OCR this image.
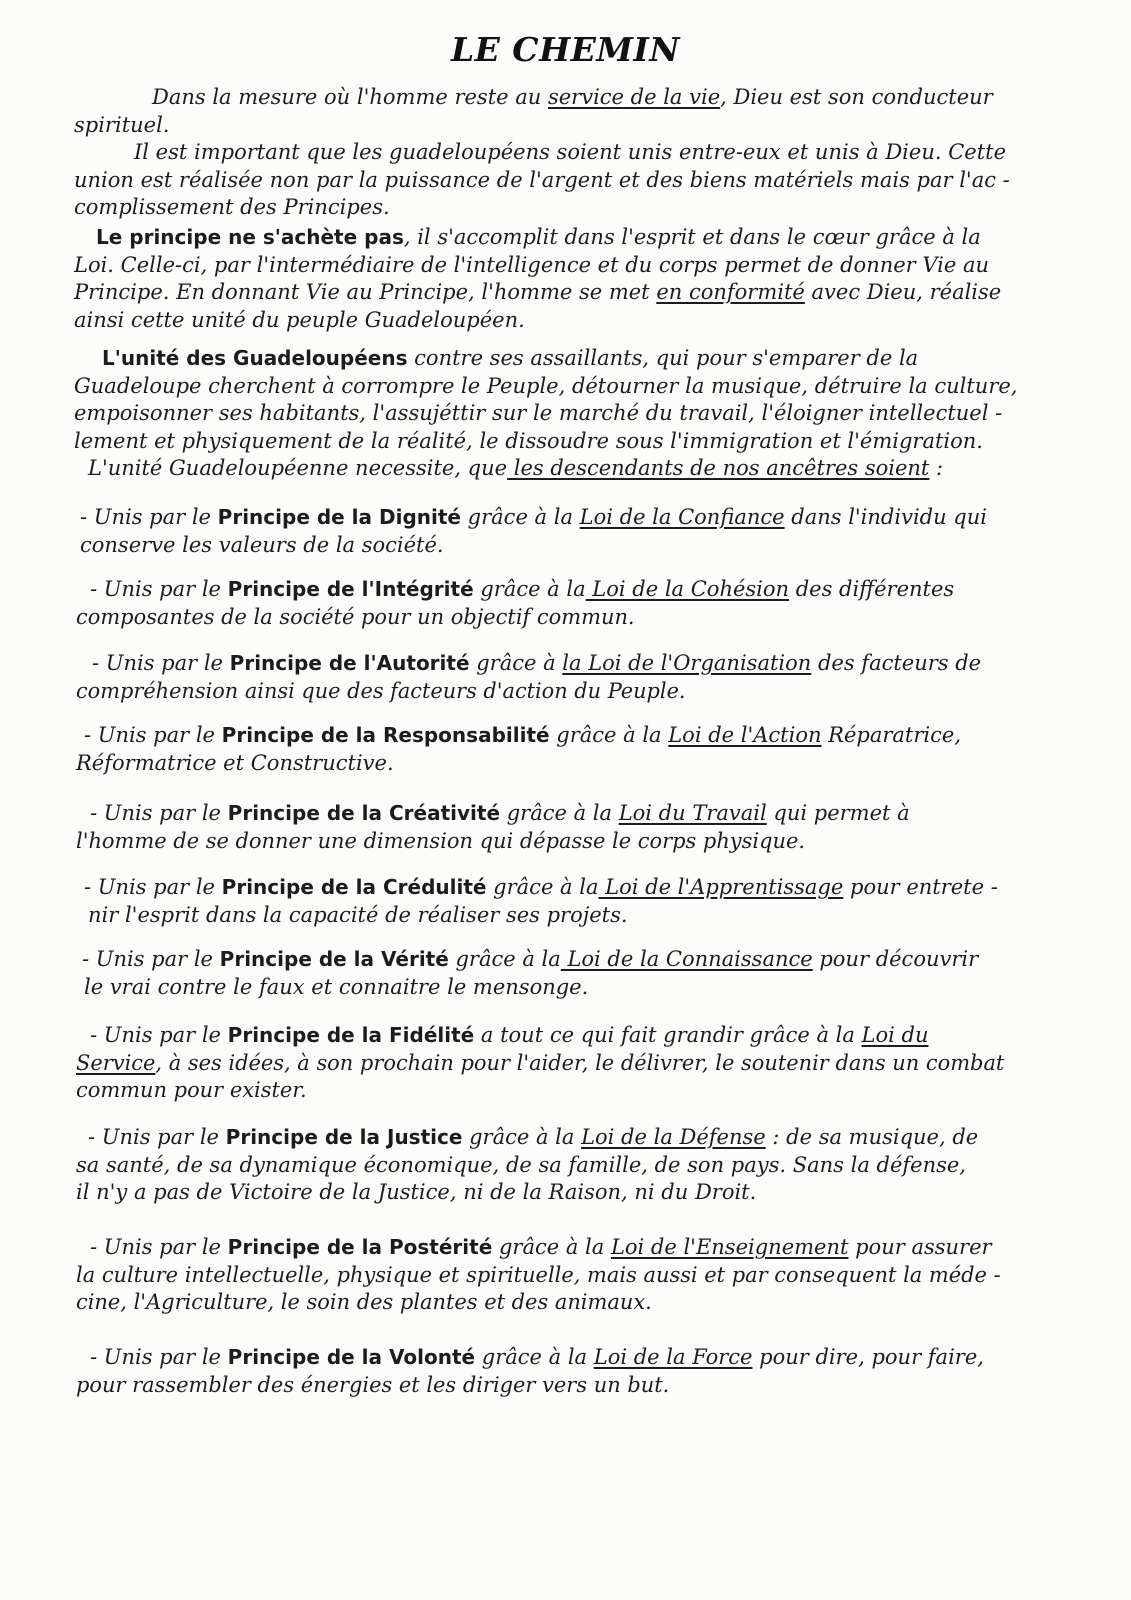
LE CHEMIN
Dans la mesure où l'homme reste au service de la vie, Dieu est son conducteur
spirituel.
Il est important que les guadeloupéens soient unis entre-eux et unis à Dieu. Cette
union est réalisée non par la puissance de l'argent et des biens matériels mais par l'ac -
complissement des Principes.
Le principe ne s'achète pas, il s'accomplit dans l'esprit et dans le cœur grâce à la
Loi. Celle-ci, par l'intermédiaire de l'intelligence et du corps permet de donner Vie au
Principe. En donnant Vie au Principe, l'homme se met en conformité avec Dieu, réalise
ainsi cette unité du peuple Guadeloupéen.
L'unité des Guadeloupéens contre ses assaillants, qui pour s'emparer de la
Guadeloupe cherchent à corrompre le Peuple, détourner la musique, détruire la culture,
empoisonner ses habitants, l'assujéttir sur le marché du travail, l'éloigner intellectuel -
lement et physiquement de la réalité, le dissoudre sous l'immigration et l'émigration.
L'unité Guadeloupéenne necessite, que les descendants de nos ancêtres soient :
- Unis par le Principe de la Dignité grâce à la Loi de la Confiance dans l'individu qui
conserve les valeurs de la société.
- Unis par le Principe de l'Intégrité grâce à la Loi de la Cohésion des différentes
composantes de la société pour un objectif commun.
- Unis par le Principe de l'Autorité grâce à la Loi de l'Organisation des facteurs de
compréhension ainsi que des facteurs d'action du Peuple.
- Unis par le Principe de la Responsabilité grâce à la Loi de l'Action Réparatrice,
Réformatrice et Constructive.
- Unis par le Principe de la Créativité grâce à la Loi du Travail qui permet à
l'homme de se donner une dimension qui dépasse le corps physique.
- Unis par le Principe de la Crédulité grâce à la Loi de l'Apprentissage pour entrete -
nir l'esprit dans la capacité de réaliser ses projets.
- Unis par le Principe de la Vérité grâce à la Loi de la Connaissance pour découvrir
le vrai contre le faux et connaitre le mensonge.
- Unis par le Principe de la Fidélité a tout ce qui fait grandir grâce à la Loi du
Service, à ses idées, à son prochain pour l'aider, le délivrer, le soutenir dans un combat
commun pour exister.
- Unis par le Principe de la Justice grâce à la Loi de la Défense : de sa musique, de
sa santé, de sa dynamique économique, de sa famille, de son pays. Sans la défense,
il n'y a pas de Victoire de la Justice, ni de la Raison, ni du Droit.
- Unis par le Principe de la Postérité grâce à la Loi de l'Enseignement pour assurer
la culture intellectuelle, physique et spirituelle, mais aussi et par consequent la méde -
cine, l'Agriculture, le soin des plantes et des animaux.
- Unis par le Principe de la Volonté grâce à la Loi de la Force pour dire, pour faire,
pour rassembler des énergies et les diriger vers un but.
